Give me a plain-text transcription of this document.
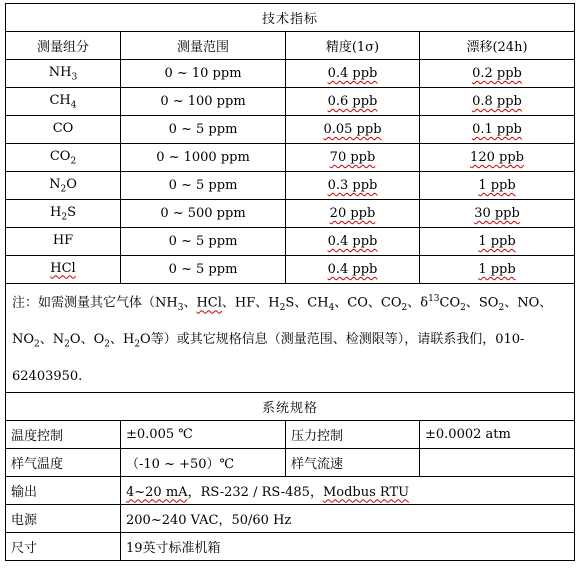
技术指标			
测量组分	测量范围	精度(1σ)	漂移(24h)
$NH_3$	0 ~ 10 ppm	0.4 ppb	0.2 ppb
$CH_4$	0 ~ 100 ppm	0.6 ppb	0.8 ppb
CO	0 ~ 5 ppm	0.05 ppb	0.1 ppb
$CO_2$	0 ~ 1000 ppm	70 ppb	120 ppb
$N_2O$	0 ~ 5 ppm	0.3 ppb	1 ppb
$H_2S$	0 ~ 500 ppm	20 ppb	30 ppb
HF	0 ~ 5 ppm	0.4 ppb	1 ppb
HCl	0 ~ 5 ppm	0.4 ppb	1 ppb
注：如需测量其它气体（$NH_3$、HCl、HF、$H_2S$、$CH_4$、CO、$CO_2$、$\delta^{13}CO_2$、$SO_2$、NO、$NO_2$、$N_2O$、$O_2$、$H_2O$等）或其它规格信息（测量范围、检测限等），请联系我们，010-62403950.			
系统规格			
温度控制	±0.005 ℃	压力控制	±0.0002 atm
样气温度	（-10 ~ +50）℃	样气流速	
输出	4~20 mA，RS-232 / RS-485，Modbus RTU		
电源	200~240 VAC，50/60 Hz		
尺寸	19英寸标准机箱		
